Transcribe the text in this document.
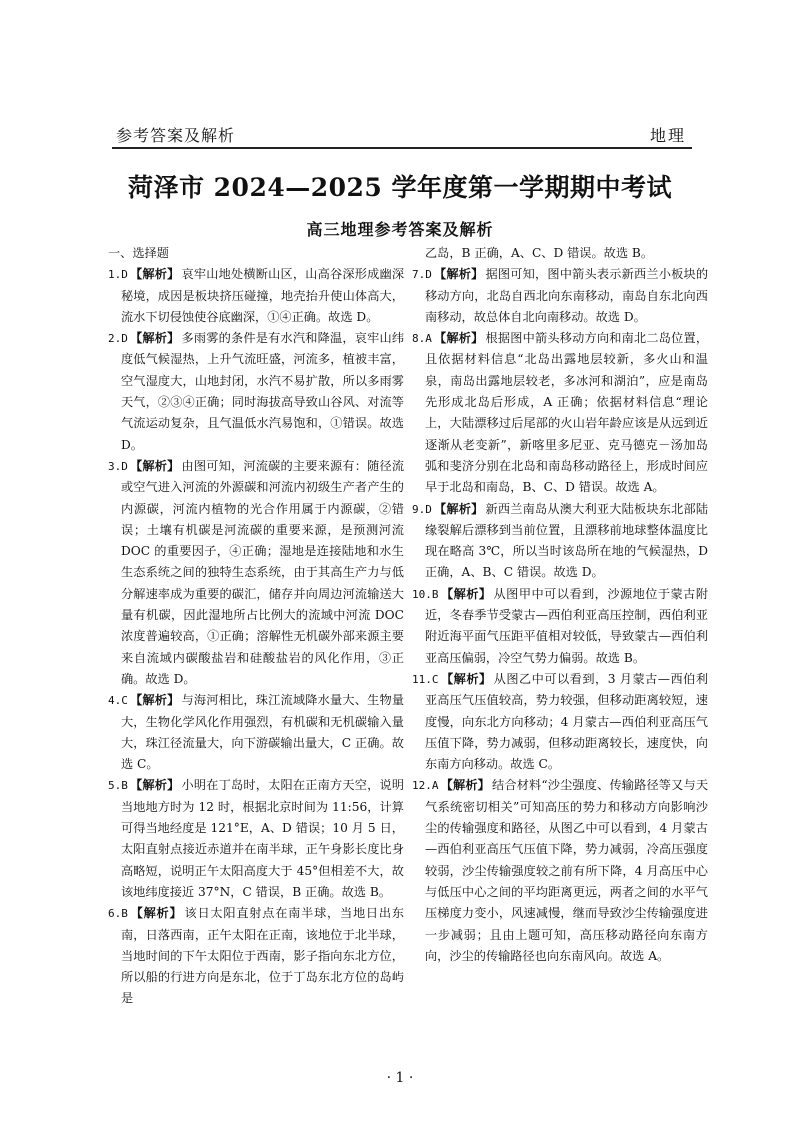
参考答案及解析	地理
菏泽市 2024—2025 学年度第一学期期中考试
高三地理参考答案及解析

一、选择题

1.D 【解析】 哀牢山地处横断山区，山高谷深形成幽深秘境，成因是板块挤压碰撞，地壳抬升使山体高大，流水下切侵蚀使谷底幽深，①④正确。故选 D。

2.D 【解析】 多雨雾的条件是有水汽和降温，哀牢山纬度低气候湿热，上升气流旺盛，河流多，植被丰富，空气湿度大，山地封闭，水汽不易扩散，所以多雨雾天气，②③④正确；同时海拔高导致山谷风、对流等气流运动复杂，且气温低水汽易饱和，①错误。故选 D。

3.D 【解析】 由图可知，河流碳的主要来源有：随径流或空气进入河流的外源碳和河流内初级生产者产生的内源碳，河流内植物的光合作用属于内源碳，②错误；土壤有机碳是河流碳的重要来源，是预测河流 DOC 的重要因子，④正确；湿地是连接陆地和水生生态系统之间的独特生态系统，由于其高生产力与低分解速率成为重要的碳汇，储存并向周边河流输送大量有机碳，因此湿地所占比例大的流域中河流 DOC 浓度普遍较高，①正确；溶解性无机碳外部来源主要来自流域内碳酸盐岩和硅酸盐岩的风化作用，③正确。故选 D。

4.C 【解析】 与海河相比，珠江流域降水量大、生物量大，生物化学风化作用强烈，有机碳和无机碳输入量大，珠江径流量大，向下游碳输出量大，C 正确。故选 C。

5.B 【解析】 小明在丁岛时，太阳在正南方天空，说明当地地方时为 12 时，根据北京时间为 11:56，计算可得当地经度是 121°E，A、D 错误；10 月 5 日，太阳直射点接近赤道并在南半球，正午身影长度比身高略短，说明正午太阳高度大于 45°但相差不大，故该地纬度接近 37°N，C 错误，B 正确。故选 B。

6.B 【解析】 该日太阳直射点在南半球，当地日出东南，日落西南，正午太阳在正南，该地位于北半球，当地时间的下午太阳位于西南，影子指向东北方位，所以船的行进方向是东北，位于丁岛东北方位的岛屿是

乙岛，B 正确，A、C、D 错误。故选 B。

7.D 【解析】 据图可知，图中箭头表示新西兰小板块的移动方向，北岛自西北向东南移动，南岛自东北向西南移动，故总体自北向南移动。故选 D。

8.A 【解析】 根据图中箭头移动方向和南北二岛位置，且依据材料信息“北岛出露地层较新，多火山和温泉，南岛出露地层较老，多冰河和湖泊”，应是南岛先形成北岛后形成，A 正确；依据材料信息“理论上，大陆漂移过后尾部的火山岩年龄应该是从远到近逐渐从老变新”，新喀里多尼亚、克马德克－汤加岛弧和斐济分别在北岛和南岛移动路径上，形成时间应早于北岛和南岛，B、C、D 错误。故选 A。

9.D 【解析】 新西兰南岛从澳大利亚大陆板块东北部陆缘裂解后漂移到当前位置，且漂移前地球整体温度比现在略高 3℃，所以当时该岛所在地的气候湿热，D 正确，A、B、C 错误。故选 D。

10.B 【解析】 从图甲中可以看到，沙源地位于蒙古附近，冬春季节受蒙古—西伯利亚高压控制，西伯利亚附近海平面气压距平值相对较低，导致蒙古—西伯利亚高压偏弱，冷空气势力偏弱。故选 B。

11.C 【解析】 从图乙中可以看到，3 月蒙古—西伯利亚高压气压值较高，势力较强，但移动距离较短，速度慢，向东北方向移动；4 月蒙古—西伯利亚高压气压值下降，势力减弱，但移动距离较长，速度快，向东南方向移动。故选 C。

12.A 【解析】 结合材料“沙尘强度、传输路径等又与天气系统密切相关”可知高压的势力和移动方向影响沙尘的传输强度和路径，从图乙中可以看到，4 月蒙古—西伯利亚高压气压值下降，势力减弱，冷高压强度较弱，沙尘传输强度较之前有所下降，4 月高压中心与低压中心之间的平均距离更远，两者之间的水平气压梯度力变小，风速减慢，继而导致沙尘传输强度进一步减弱；且由上题可知，高压移动路径向东南方向，沙尘的传输路径也向东南风向。故选 A。

· 1 ·
